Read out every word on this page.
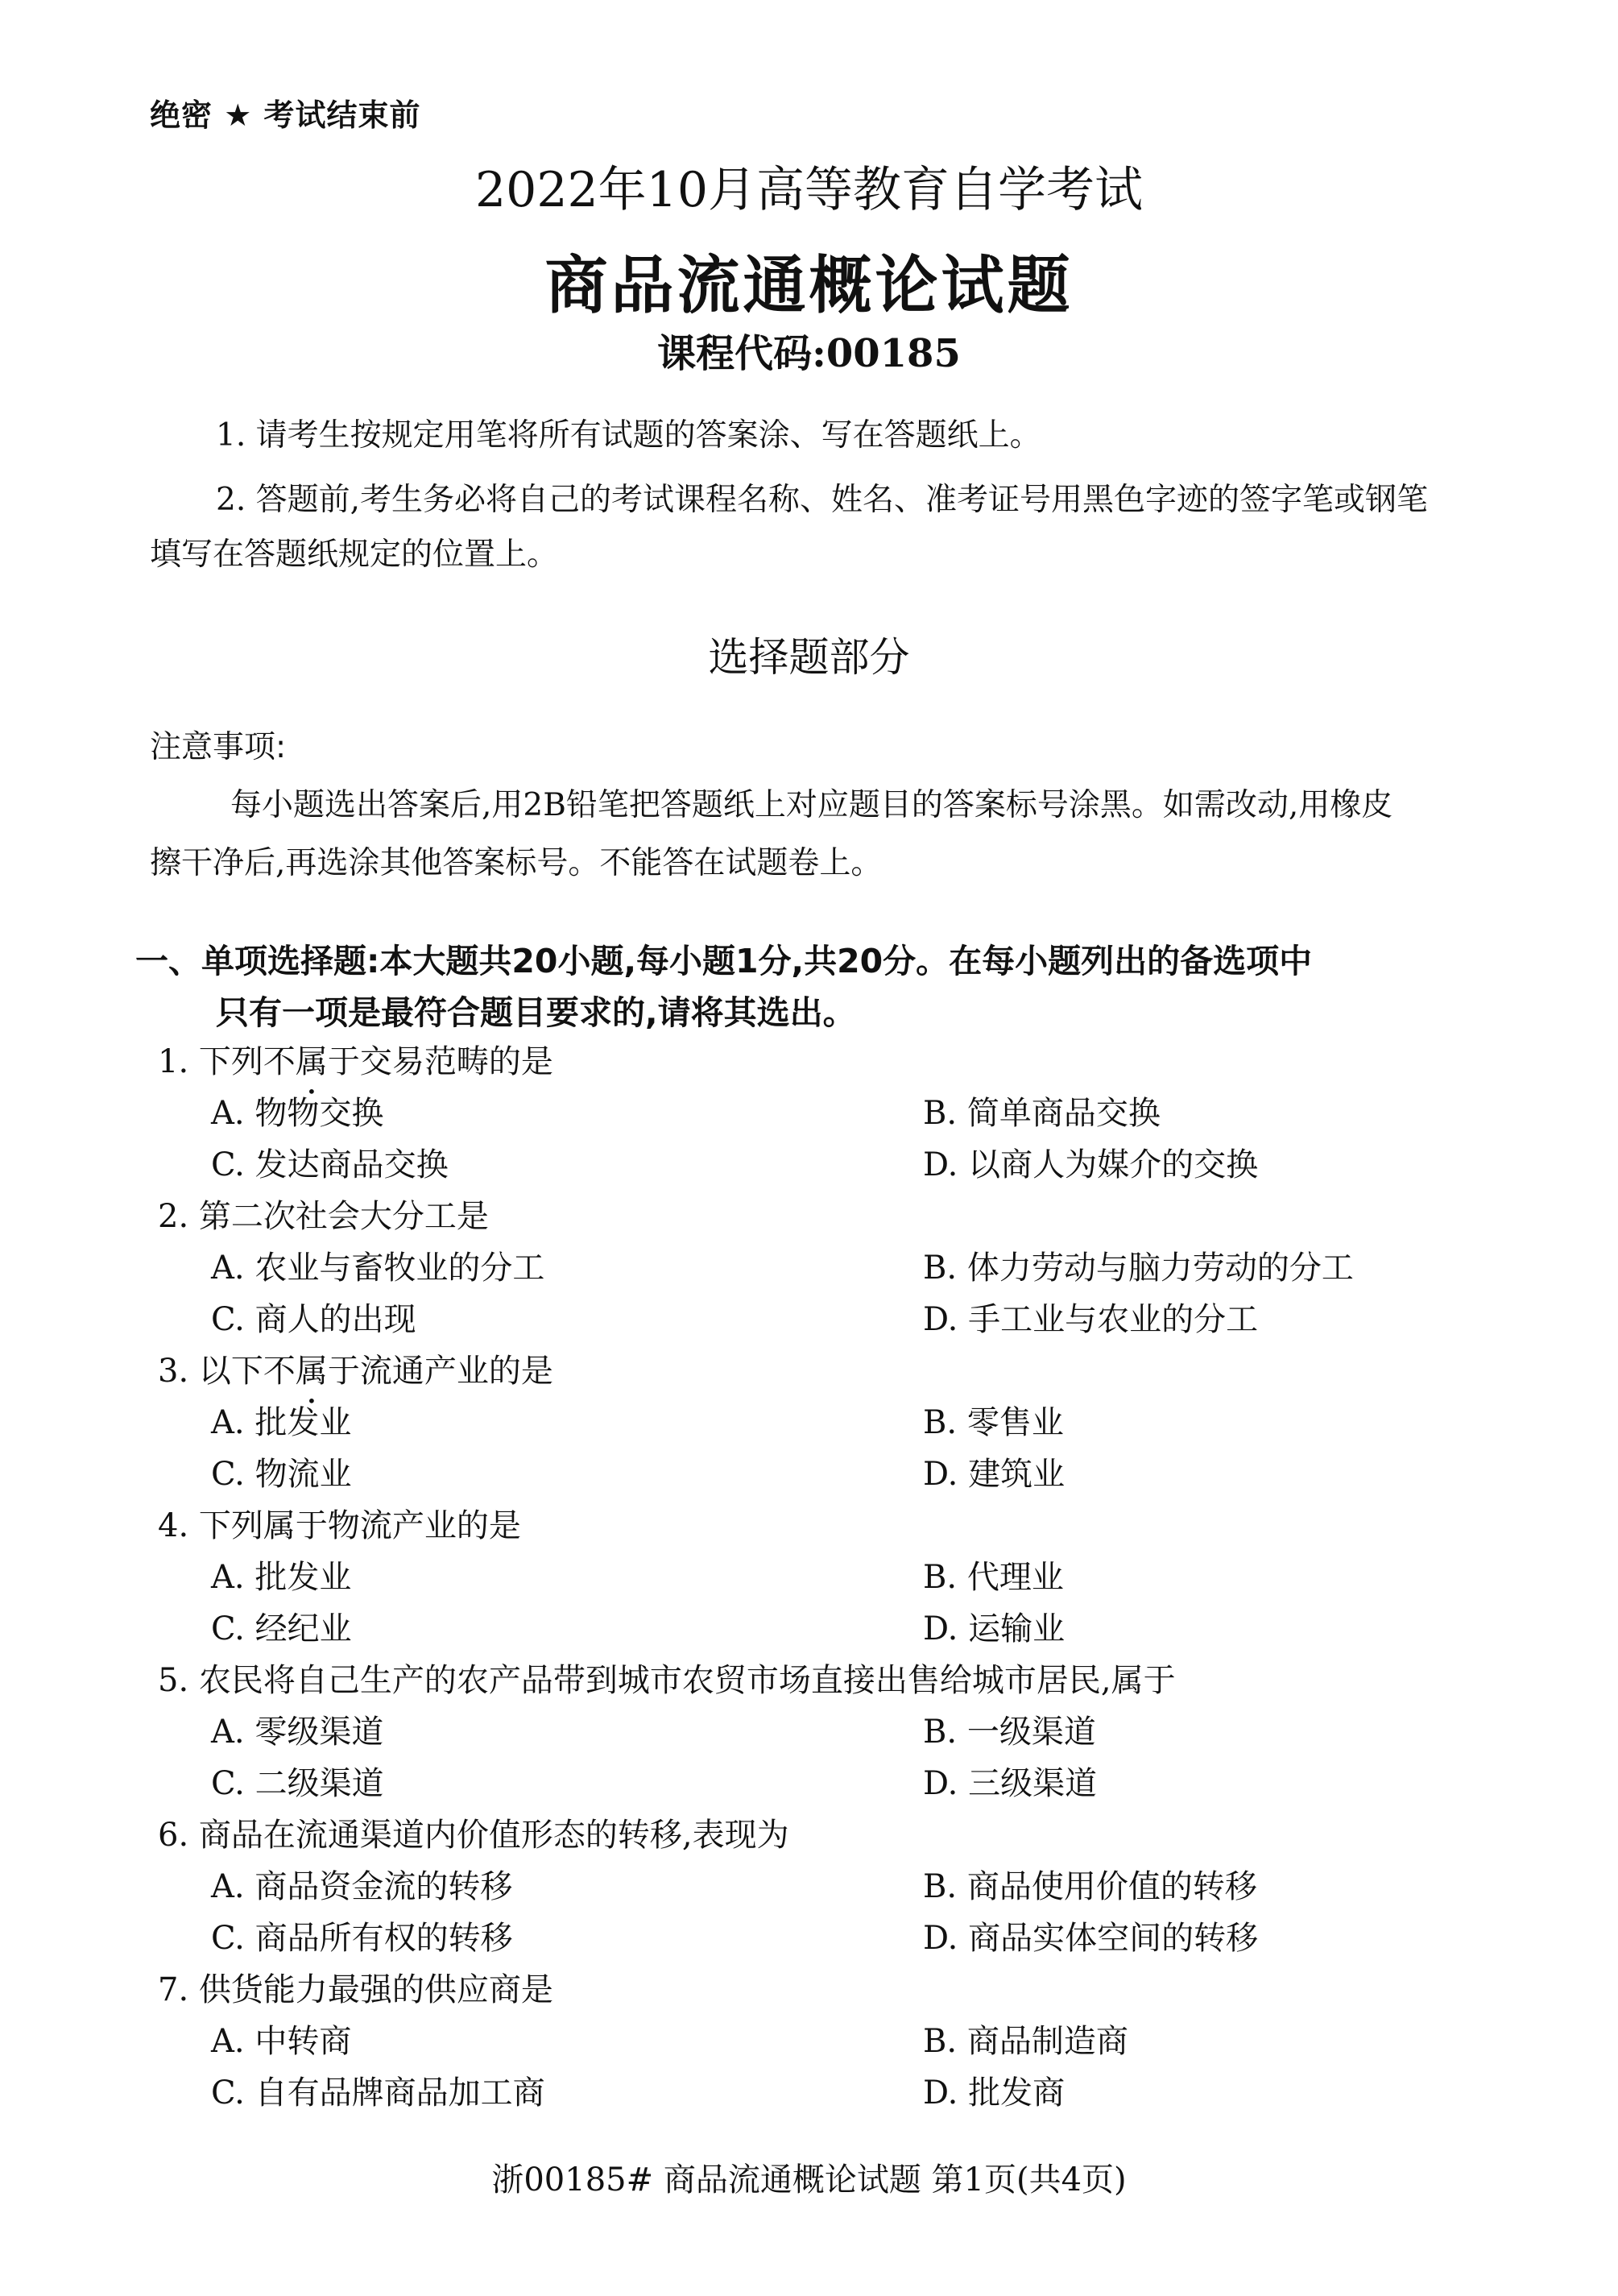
绝密 ★ 考试结束前
2022年10月高等教育自学考试
商品流通概论试题
课程代码:00185
1. 请考生按规定用笔将所有试题的答案涂、写在答题纸上。
2. 答题前,考生务必将自己的考试课程名称、姓名、准考证号用黑色字迹的签字笔或钢笔
填写在答题纸规定的位置上。
选择题部分
注意事项:
每小题选出答案后,用2B铅笔把答题纸上对应题目的答案标号涂黑。如需改动,用橡皮
擦干净后,再选涂其他答案标号。不能答在试题卷上。
一、单项选择题:本大题共20小题,每小题1分,共20分。在每小题列出的备选项中
只有一项是最符合题目要求的,请将其选出。
1. 下列不属于交易范畴的是
A. 物物交换	B. 简单商品交换
C. 发达商品交换	D. 以商人为媒介的交换
2. 第二次社会大分工是
A. 农业与畜牧业的分工	B. 体力劳动与脑力劳动的分工
C. 商人的出现	D. 手工业与农业的分工
3. 以下不属于流通产业的是
A. 批发业	B. 零售业
C. 物流业	D. 建筑业
4. 下列属于物流产业的是
A. 批发业	B. 代理业
C. 经纪业	D. 运输业
5. 农民将自己生产的农产品带到城市农贸市场直接出售给城市居民,属于
A. 零级渠道	B. 一级渠道
C. 二级渠道	D. 三级渠道
6. 商品在流通渠道内价值形态的转移,表现为
A. 商品资金流的转移	B. 商品使用价值的转移
C. 商品所有权的转移	D. 商品实体空间的转移
7. 供货能力最强的供应商是
A. 中转商	B. 商品制造商
C. 自有品牌商品加工商	D. 批发商
浙00185# 商品流通概论试题 第1页(共4页)
